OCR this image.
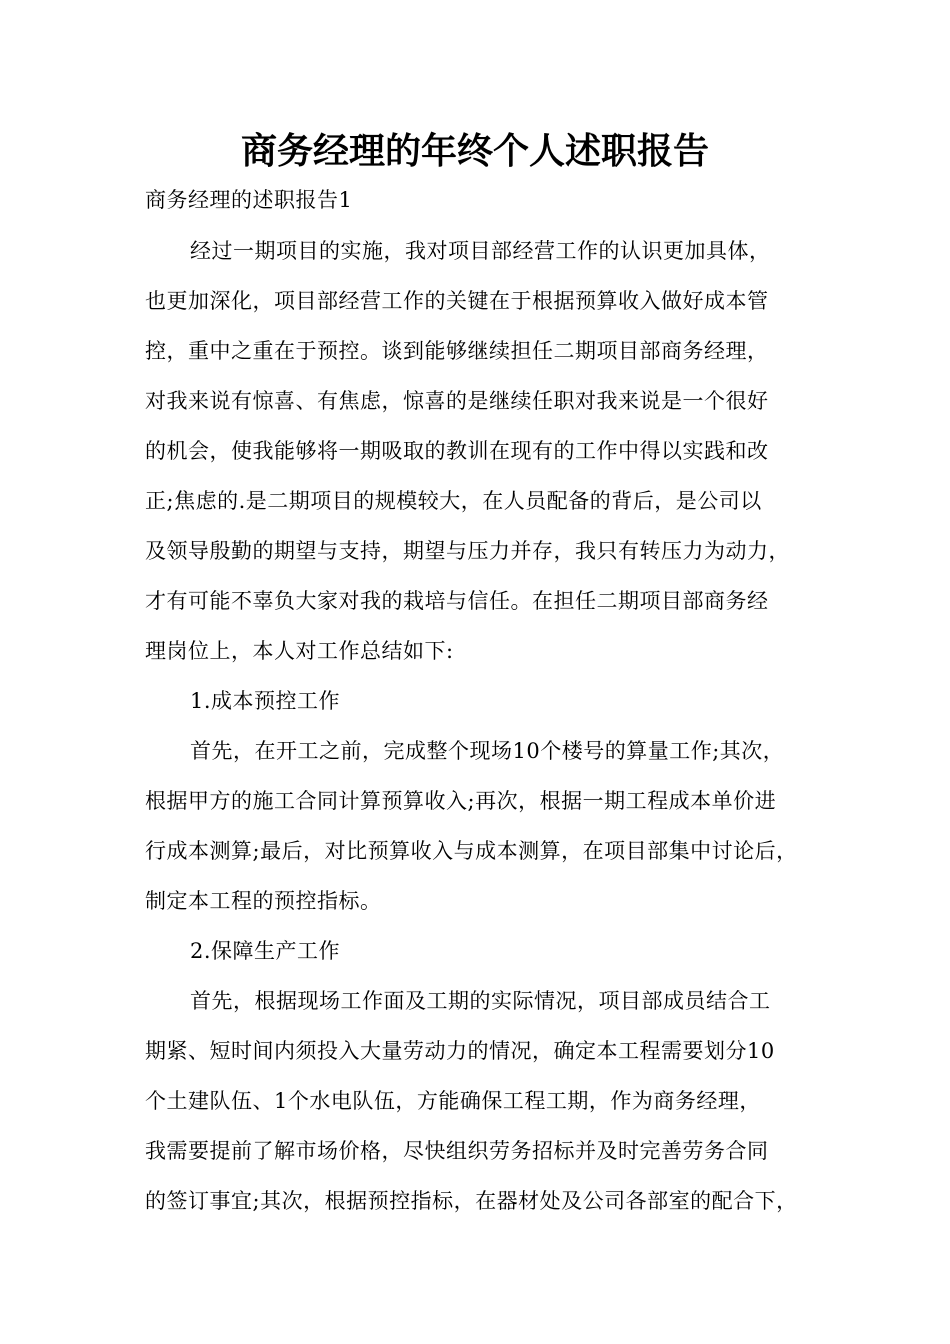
商务经理的年终个人述职报告
商务经理的述职报告1
经过一期项目的实施，我对项目部经营工作的认识更加具体，
也更加深化，项目部经营工作的关键在于根据预算收入做好成本管
控，重中之重在于预控。谈到能够继续担任二期项目部商务经理，
对我来说有惊喜、有焦虑，惊喜的是继续任职对我来说是一个很好
的机会，使我能够将一期吸取的教训在现有的工作中得以实践和改
正;焦虑的.是二期项目的规模较大，在人员配备的背后，是公司以
及领导殷勤的期望与支持，期望与压力并存，我只有转压力为动力，
才有可能不辜负大家对我的栽培与信任。在担任二期项目部商务经
理岗位上，本人对工作总结如下:
1.成本预控工作
首先，在开工之前，完成整个现场10个楼号的算量工作;其次，
根据甲方的施工合同计算预算收入;再次，根据一期工程成本单价进
行成本测算;最后，对比预算收入与成本测算，在项目部集中讨论后，
制定本工程的预控指标。
2.保障生产工作
首先，根据现场工作面及工期的实际情况，项目部成员结合工
期紧、短时间内须投入大量劳动力的情况，确定本工程需要划分10
个土建队伍、1个水电队伍，方能确保工程工期，作为商务经理，
我需要提前了解市场价格，尽快组织劳务招标并及时完善劳务合同
的签订事宜;其次，根据预控指标，在器材处及公司各部室的配合下，
